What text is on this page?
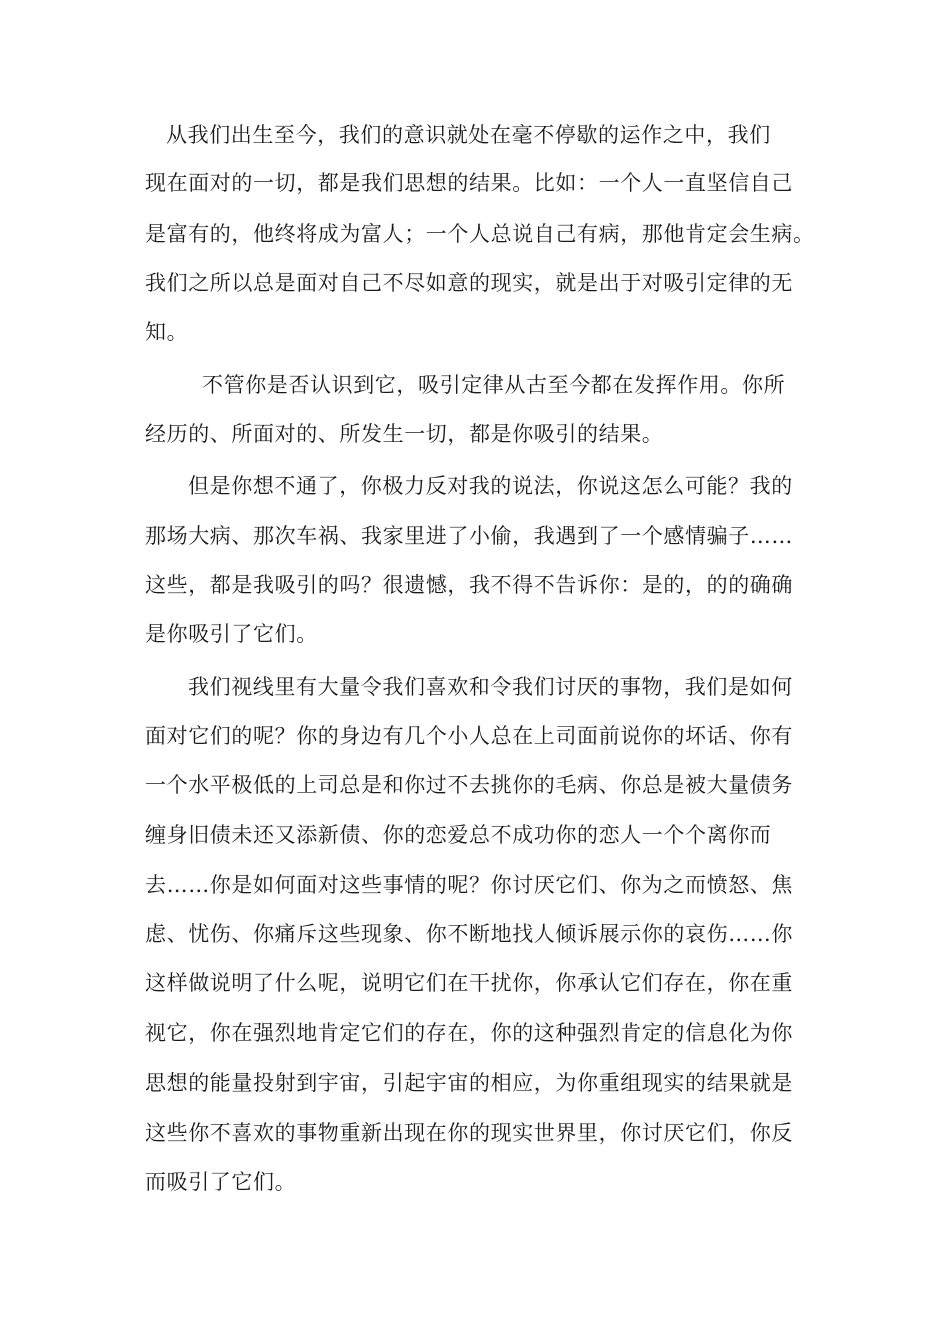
从我们出生至今，我们的意识就处在毫不停歇的运作之中，我们
现在面对的一切，都是我们思想的结果。比如：一个人一直坚信自己
是富有的，他终将成为富人；一个人总说自己有病，那他肯定会生病。
我们之所以总是面对自己不尽如意的现实，就是出于对吸引定律的无
知。
不管你是否认识到它，吸引定律从古至今都在发挥作用。你所
经历的、所面对的、所发生一切，都是你吸引的结果。
但是你想不通了，你极力反对我的说法，你说这怎么可能？我的
那场大病、那次车祸、我家里进了小偷，我遇到了一个感情骗子……
这些，都是我吸引的吗？很遗憾，我不得不告诉你：是的，的的确确
是你吸引了它们。
我们视线里有大量令我们喜欢和令我们讨厌的事物，我们是如何
面对它们的呢？你的身边有几个小人总在上司面前说你的坏话、你有
一个水平极低的上司总是和你过不去挑你的毛病、你总是被大量债务
缠身旧债未还又添新债、你的恋爱总不成功你的恋人一个个离你而
去……你是如何面对这些事情的呢？你讨厌它们、你为之而愤怒、焦
虑、忧伤、你痛斥这些现象、你不断地找人倾诉展示你的哀伤……你
这样做说明了什么呢，说明它们在干扰你，你承认它们存在，你在重
视它，你在强烈地肯定它们的存在，你的这种强烈肯定的信息化为你
思想的能量投射到宇宙，引起宇宙的相应，为你重组现实的结果就是
这些你不喜欢的事物重新出现在你的现实世界里，你讨厌它们，你反
而吸引了它们。
